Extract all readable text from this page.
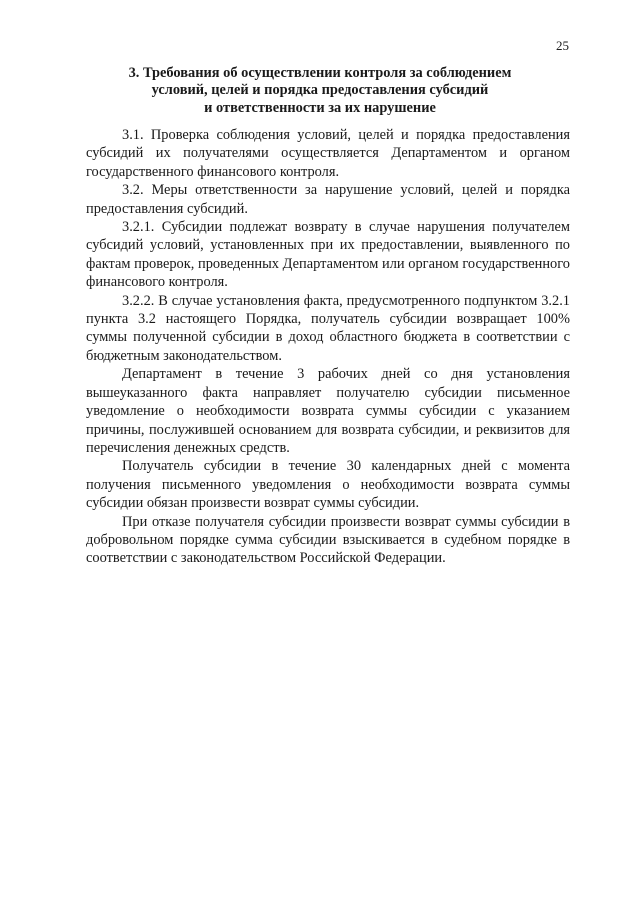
25
3. Требования об осуществлении контроля за соблюдением
условий, целей и порядка предоставления субсидий
и ответственности за их нарушение

3.1. Проверка соблюдения условий, целей и порядка предоставления субсидий их получателями осуществляется Департаментом и органом государственного финансового контроля.

3.2. Меры ответственности за нарушение условий, целей и порядка предоставления субсидий.

3.2.1. Субсидии подлежат возврату в случае нарушения получателем субсидий условий, установленных при их предоставлении, выявленного по фактам проверок, проведенных Департаментом или органом государственного финансового контроля.

3.2.2. В случае установления факта, предусмотренного подпунктом 3.2.1 пункта 3.2 настоящего Порядка, получатель субсидии возвращает 100% суммы полученной субсидии в доход областного бюджета в соответствии с бюджетным законодательством.

Департамент в течение 3 рабочих дней со дня установления вышеуказанного факта направляет получателю субсидии письменное уведомление о необходимости возврата суммы субсидии с указанием причины, послужившей основанием для возврата субсидии, и реквизитов для перечисления денежных средств.

Получатель субсидии в течение 30 календарных дней с момента получения письменного уведомления о необходимости возврата суммы субсидии обязан произвести возврат суммы субсидии.

При отказе получателя субсидии произвести возврат суммы субсидии в добровольном порядке сумма субсидии взыскивается в судебном порядке в соответствии с законодательством Российской Федерации.
